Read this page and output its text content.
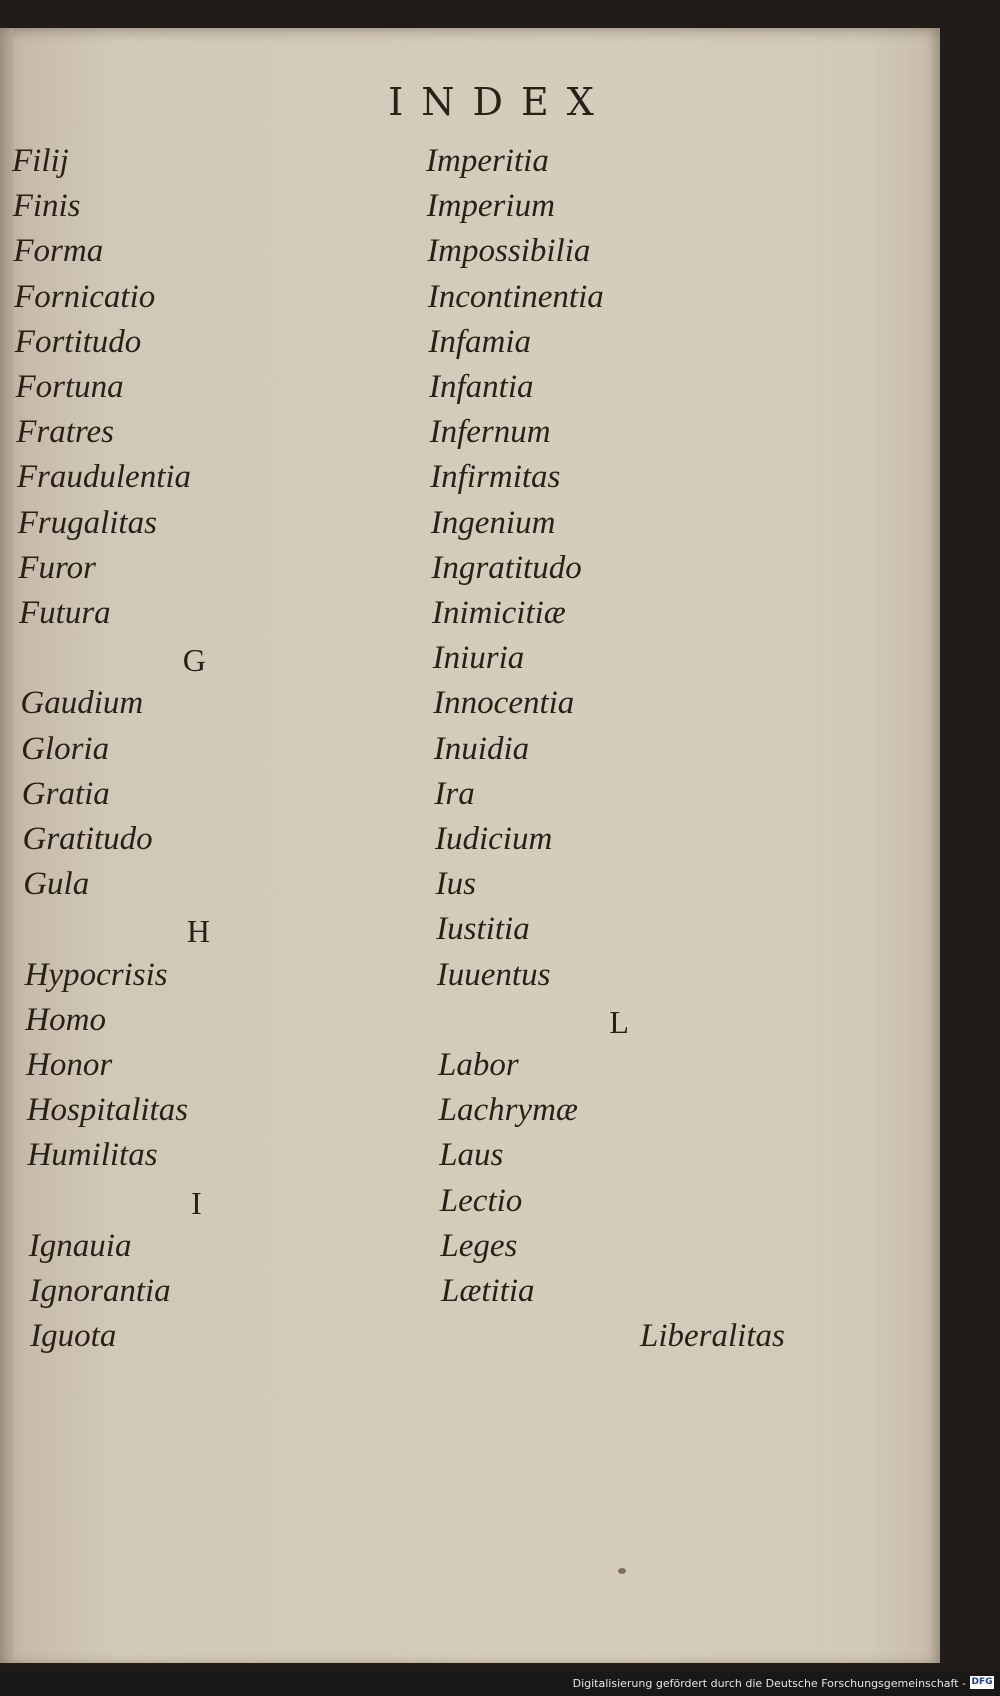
INDEX
Filij
Finis
Forma
Fornicatio
Fortitudo
Fortuna
Fratres
Fraudulentia
Frugalitas
Furor
Futura
G
Gaudium
Gloria
Gratia
Gratitudo
Gula
H
Hypocrisis
Homo
Honor
Hospitalitas
Humilitas
I
Ignauia
Ignorantia
Iguota
Imperitia
Imperium
Impossibilia
Incontinentia
Infamia
Infantia
Infernum
Infirmitas
Ingenium
Ingratitudo
Inimicitiæ
Iniuria
Innocentia
Inuidia
Ira
Iudicium
Ius
Iustitia
Iuuentus
L
Labor
Lachrymæ
Laus
Lectio
Leges
Lætitia
Liberalitas
Digitalisierung gefördert durch die Deutsche Forschungsgemeinschaft - DFG
